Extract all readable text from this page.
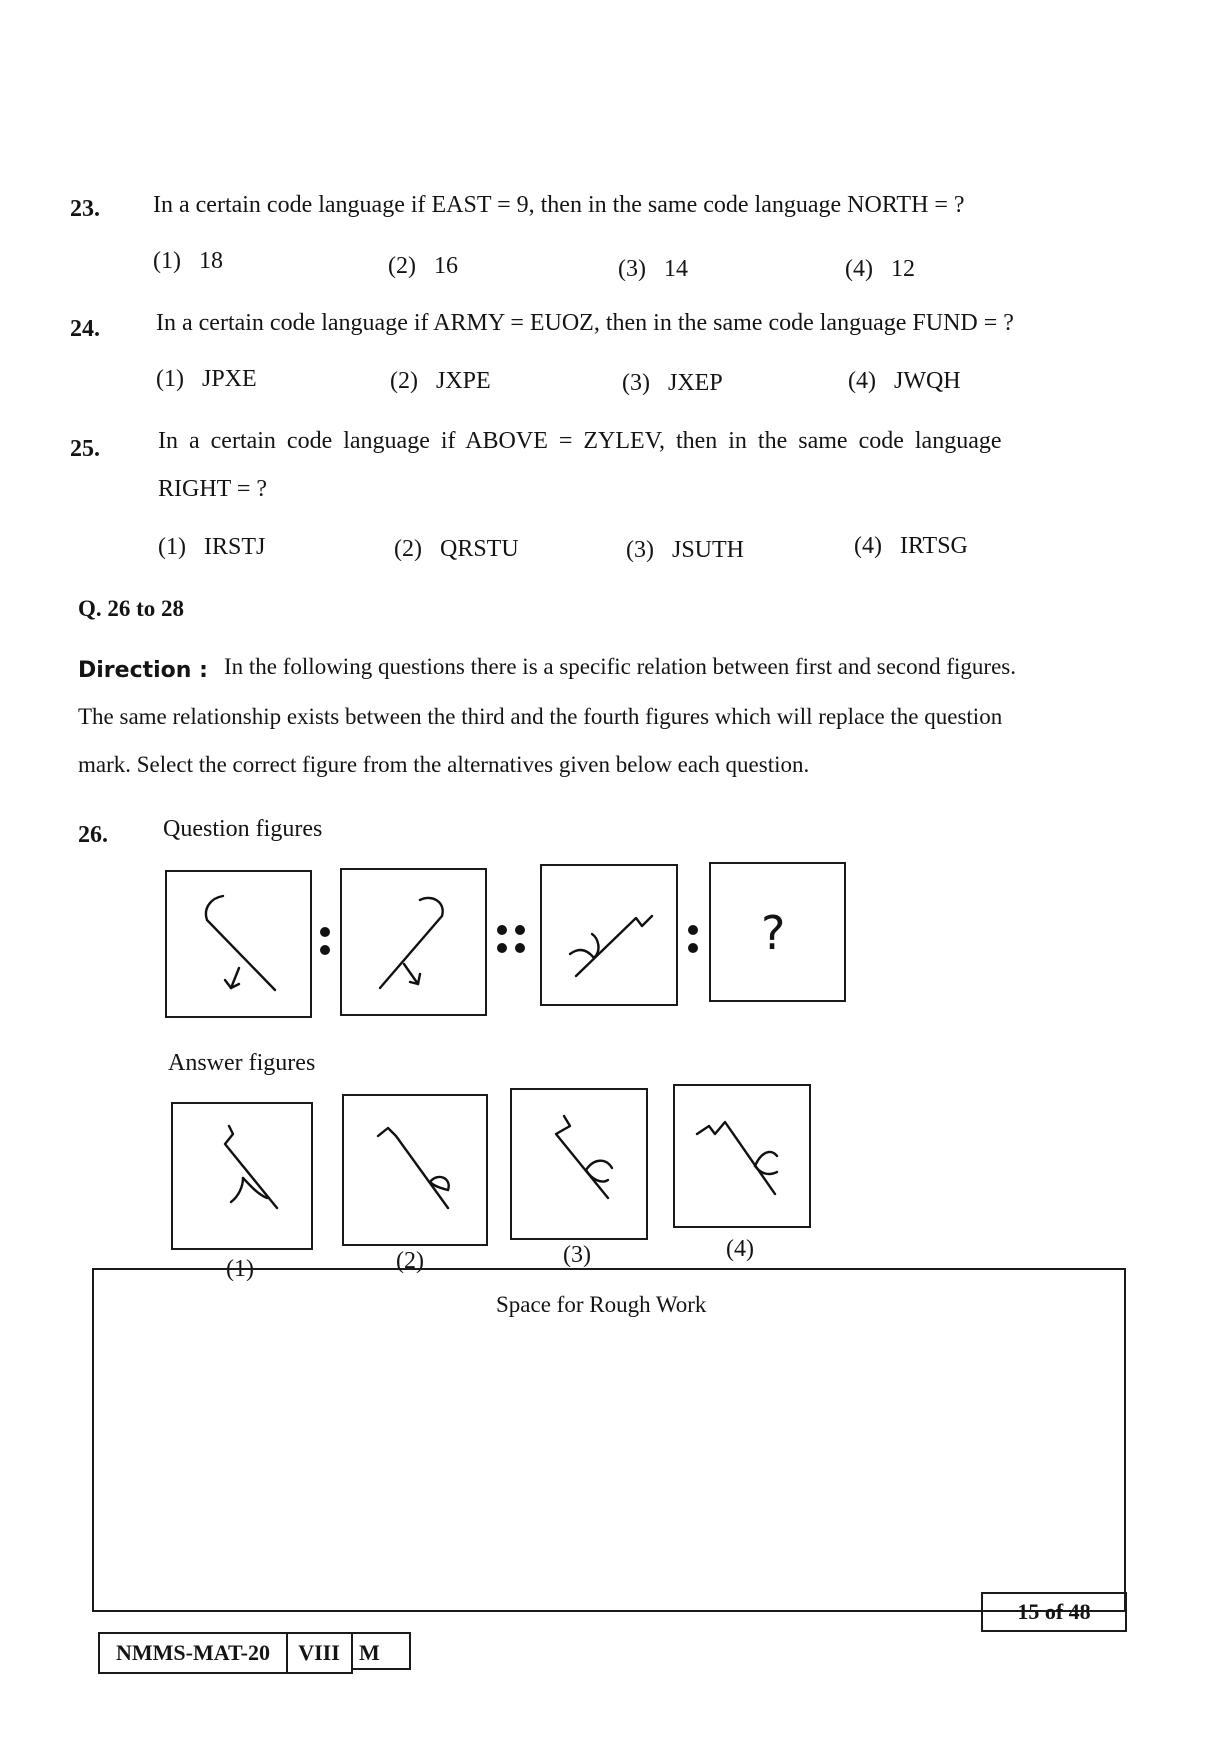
23. In a certain code language if EAST = 9, then in the same code language NORTH = ?
(1) 18	(2) 16	(3) 14	(4) 12
24. In a certain code language if ARMY = EUOZ, then in the same code language FUND = ?
(1) JPXE	(2) JXPE	(3) JXEP	(4) JWQH
25. In a certain code language if ABOVE = ZYLEV, then in the same code language
RIGHT = ?
(1) IRSTJ	(2) QRSTU	(3) JSUTH	(4) IRTSG
Q. 26 to 28
Direction : In the following questions there is a specific relation between first and second figures.
The same relationship exists between the third and the fourth figures which will replace the question
mark. Select the correct figure from the alternatives given below each question.
26. Question figures
?
Answer figures
(1)	(2)	(3)	(4)
Space for Rough Work
15 of 48
NMMS-MAT-20	VIII M
